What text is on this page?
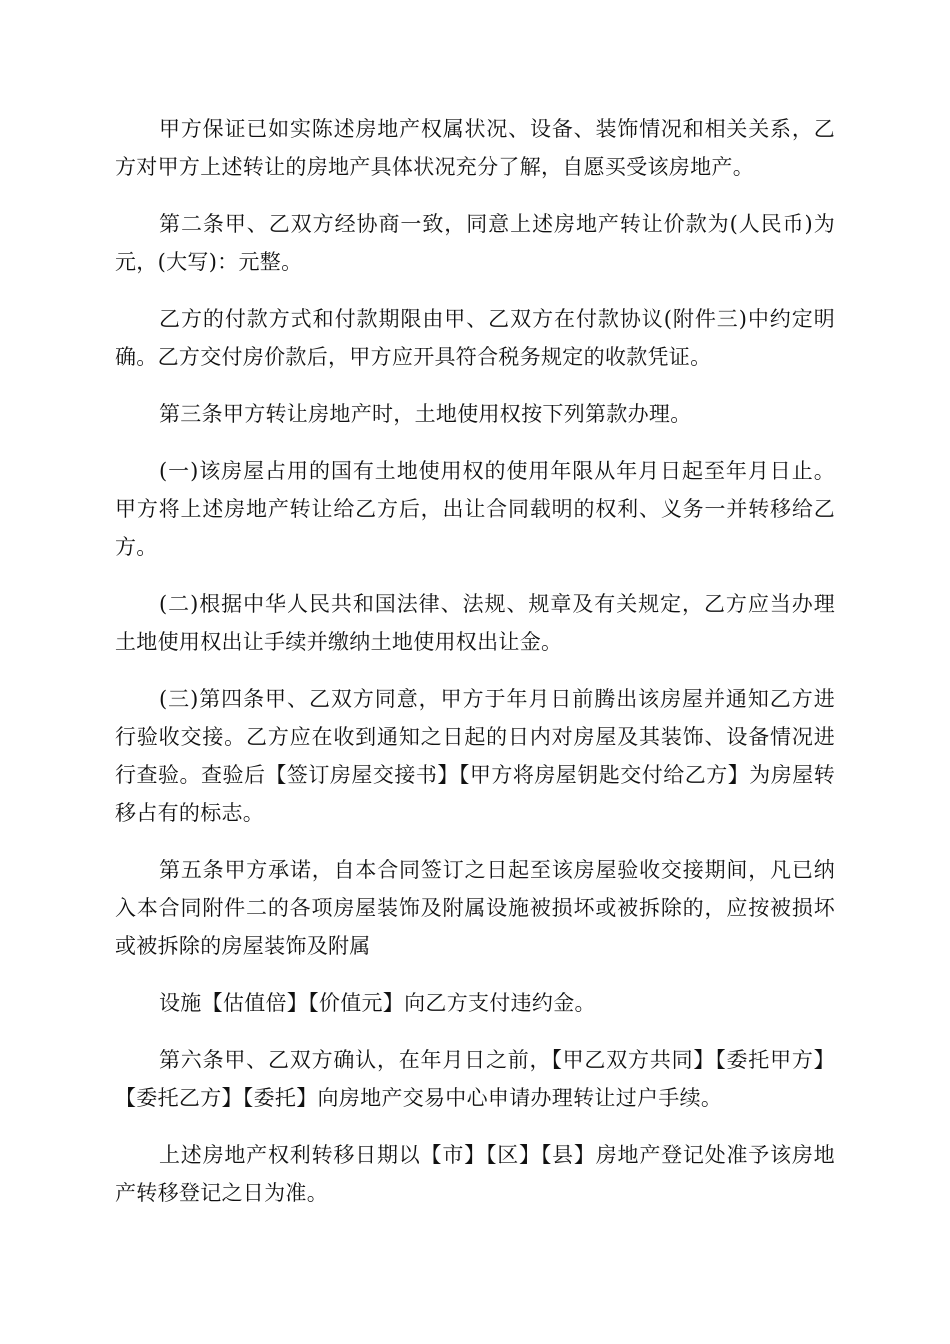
甲方保证已如实陈述房地产权属状况、设备、装饰情况和相关关系，乙方对甲方上述转让的房地产具体状况充分了解，自愿买受该房地产。

第二条甲、乙双方经协商一致，同意上述房地产转让价款为(人民币)为元，(大写)：元整。

乙方的付款方式和付款期限由甲、乙双方在付款协议(附件三)中约定明确。乙方交付房价款后，甲方应开具符合税务规定的收款凭证。

第三条甲方转让房地产时，土地使用权按下列第款办理。

(一)该房屋占用的国有土地使用权的使用年限从年月日起至年月日止。甲方将上述房地产转让给乙方后，出让合同载明的权利、义务一并转移给乙方。

(二)根据中华人民共和国法律、法规、规章及有关规定，乙方应当办理土地使用权出让手续并缴纳土地使用权出让金。

(三)第四条甲、乙双方同意，甲方于年月日前腾出该房屋并通知乙方进行验收交接。乙方应在收到通知之日起的日内对房屋及其装饰、设备情况进行查验。查验后【签订房屋交接书】【甲方将房屋钥匙交付给乙方】为房屋转移占有的标志。

第五条甲方承诺，自本合同签订之日起至该房屋验收交接期间，凡已纳入本合同附件二的各项房屋装饰及附属设施被损坏或被拆除的，应按被损坏或被拆除的房屋装饰及附属

设施【估值倍】【价值元】向乙方支付违约金。

第六条甲、乙双方确认，在年月日之前，【甲乙双方共同】【委托甲方】【委托乙方】【委托】向房地产交易中心申请办理转让过户手续。

上述房地产权利转移日期以【市】【区】【县】房地产登记处准予该房地产转移登记之日为准。
